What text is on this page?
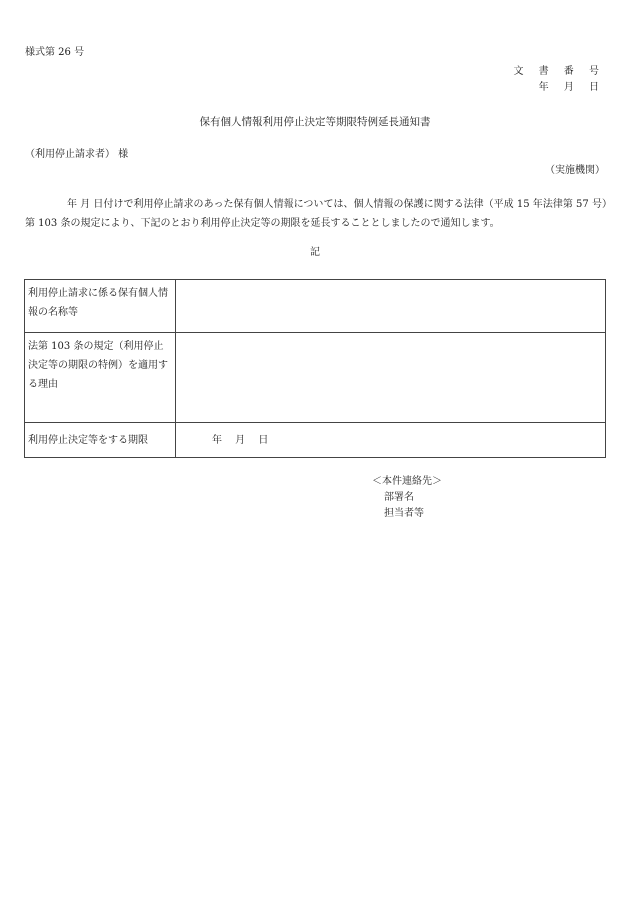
様式第 26 号
文 書 番 号
年 月 日
保有個人情報利用停止決定等期限特例延長通知書
（利用停止請求者） 様
（実施機関）
年 月 日付けで利用停止請求のあった保有個人情報については、個人情報の保護に関する法律（平成 15 年法律第 57 号）第 103 条の規定により、下記のとおり利用停止決定等の期限を延長することとしましたので通知します。
記
利用停止請求に係る保有個人情報の名称等	
法第 103 条の規定（利用停止決定等の期限の特例）を適用する理由	
利用停止決定等をする期限	年 月 日
＜本件連絡先＞
部署名
担当者等
